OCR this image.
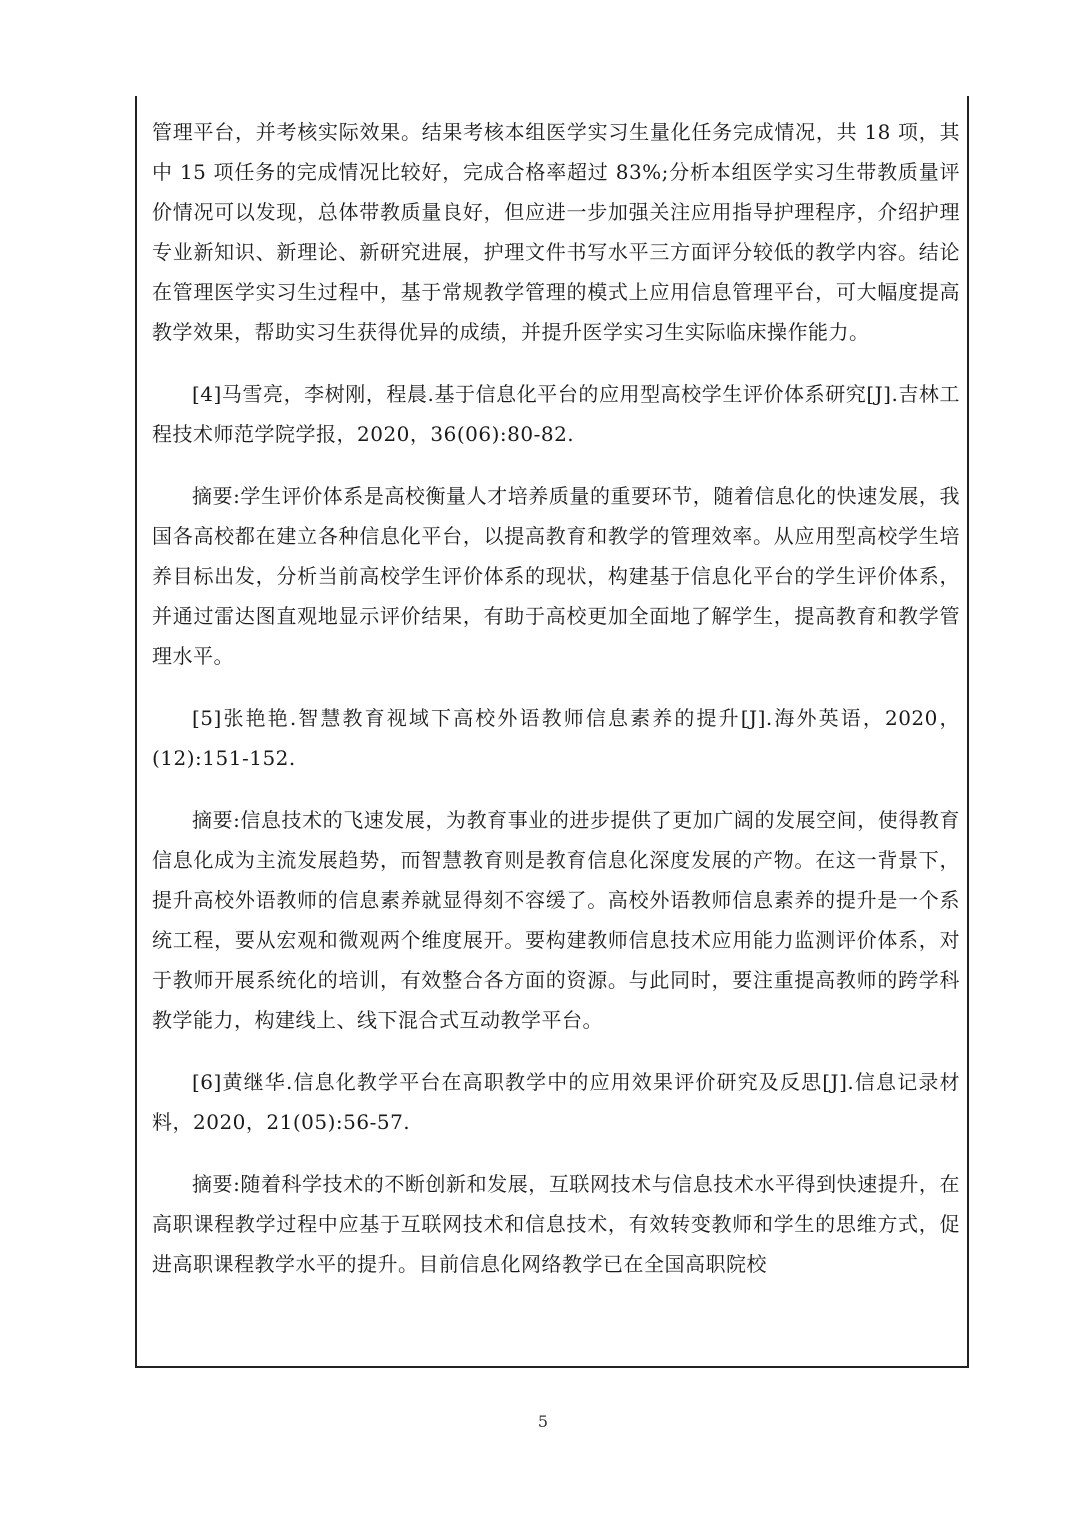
管理平台，并考核实际效果。结果考核本组医学实习生量化任务完成情况，共 18 项，其中 15 项任务的完成情况比较好，完成合格率超过 83%;分析本组医学实习生带教质量评价情况可以发现，总体带教质量良好，但应进一步加强关注应用指导护理程序，介绍护理专业新知识、新理论、新研究进展，护理文件书写水平三方面评分较低的教学内容。结论在管理医学实习生过程中，基于常规教学管理的模式上应用信息管理平台，可大幅度提高教学效果，帮助实习生获得优异的成绩，并提升医学实习生实际临床操作能力。

[4]马雪亮，李树刚，程晨.基于信息化平台的应用型高校学生评价体系研究[J].吉林工程技术师范学院学报，2020，36(06):80-82.

摘要:学生评价体系是高校衡量人才培养质量的重要环节，随着信息化的快速发展，我国各高校都在建立各种信息化平台，以提高教育和教学的管理效率。从应用型高校学生培养目标出发，分析当前高校学生评价体系的现状，构建基于信息化平台的学生评价体系，并通过雷达图直观地显示评价结果，有助于高校更加全面地了解学生，提高教育和教学管理水平。

[5]张艳艳.智慧教育视域下高校外语教师信息素养的提升[J].海外英语，2020，(12):151-152.

摘要:信息技术的飞速发展，为教育事业的进步提供了更加广阔的发展空间，使得教育信息化成为主流发展趋势，而智慧教育则是教育信息化深度发展的产物。在这一背景下，提升高校外语教师的信息素养就显得刻不容缓了。高校外语教师信息素养的提升是一个系统工程，要从宏观和微观两个维度展开。要构建教师信息技术应用能力监测评价体系，对于教师开展系统化的培训，有效整合各方面的资源。与此同时，要注重提高教师的跨学科教学能力，构建线上、线下混合式互动教学平台。

[6]黄继华.信息化教学平台在高职教学中的应用效果评价研究及反思[J].信息记录材料，2020，21(05):56-57.

摘要:随着科学技术的不断创新和发展，互联网技术与信息技术水平得到快速提升，在高职课程教学过程中应基于互联网技术和信息技术，有效转变教师和学生的思维方式，促进高职课程教学水平的提升。目前信息化网络教学已在全国高职院校

5
